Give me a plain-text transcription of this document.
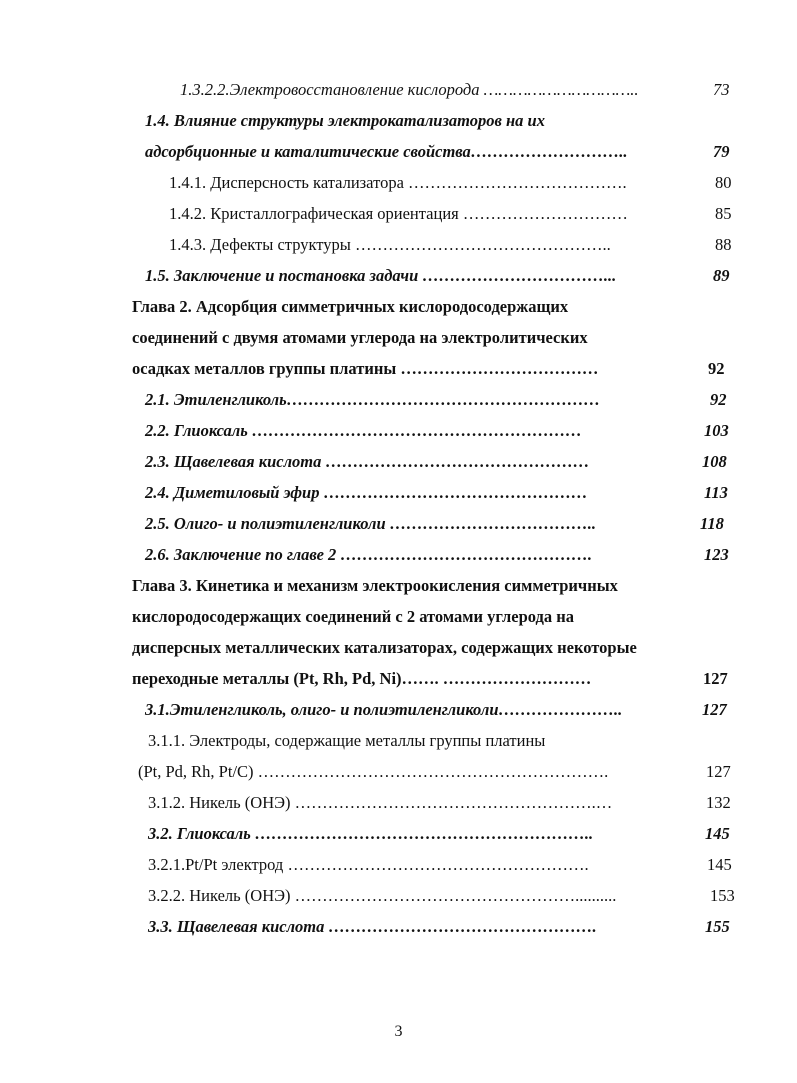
1.3.2.2.Электровосстановление кислорода …………………………..	73
1.4. Влияние структуры электрокатализаторов на их
адсорбционные и каталитические свойства………………………..	79
1.4.1. Дисперсность катализатора ………………………………….	80
1.4.2. Кристаллографическая ориентация …………………………	85
1.4.3. Дефекты структуры ………………………………………..	88
1.5. Заключение и постановка задачи ……………………………...	89
Глава 2. Адсорбция симметричных кислородосодержащих
соединений с двумя атомами углерода на электролитических
осадках металлов группы платины ………………………………	92
2.1. Этиленгликоль…………………………………………………	92
2.2. Глиоксаль ……………………………………………………	103
2.3. Щавелевая кислота …………………………………………	108
2.4. Диметиловый эфир …………………………………………	113
2.5. Олиго- и полиэтиленгликоли ………………………………..	118
2.6. Заключение по главе 2 ……………………………………….	123
Глава 3. Кинетика и механизм электроокисления симметричных
кислородосодержащих соединений с 2 атомами углерода на
дисперсных металлических катализаторах, содержащих некоторые
переходные металлы (Pt, Rh, Pd, Ni)……. ………………………	127
3.1.Этиленгликоль, олиго- и полиэтиленгликоли…………………..	127
3.1.1. Электроды, содержащие металлы группы платины
(Pt, Pd, Rh, Pt/C) ……………………………………………………….	127
3.1.2. Никель (ОНЭ) ……………………………………………….…	132
3.2. Глиоксаль ……………………………………………………..	145
3.2.1.Pt/Pt электрод ……………………………………………….	145
3.2.2. Никель (ОНЭ) ……………………………………………..........	153
3.3. Щавелевая кислота ………………………………………….	155
3
